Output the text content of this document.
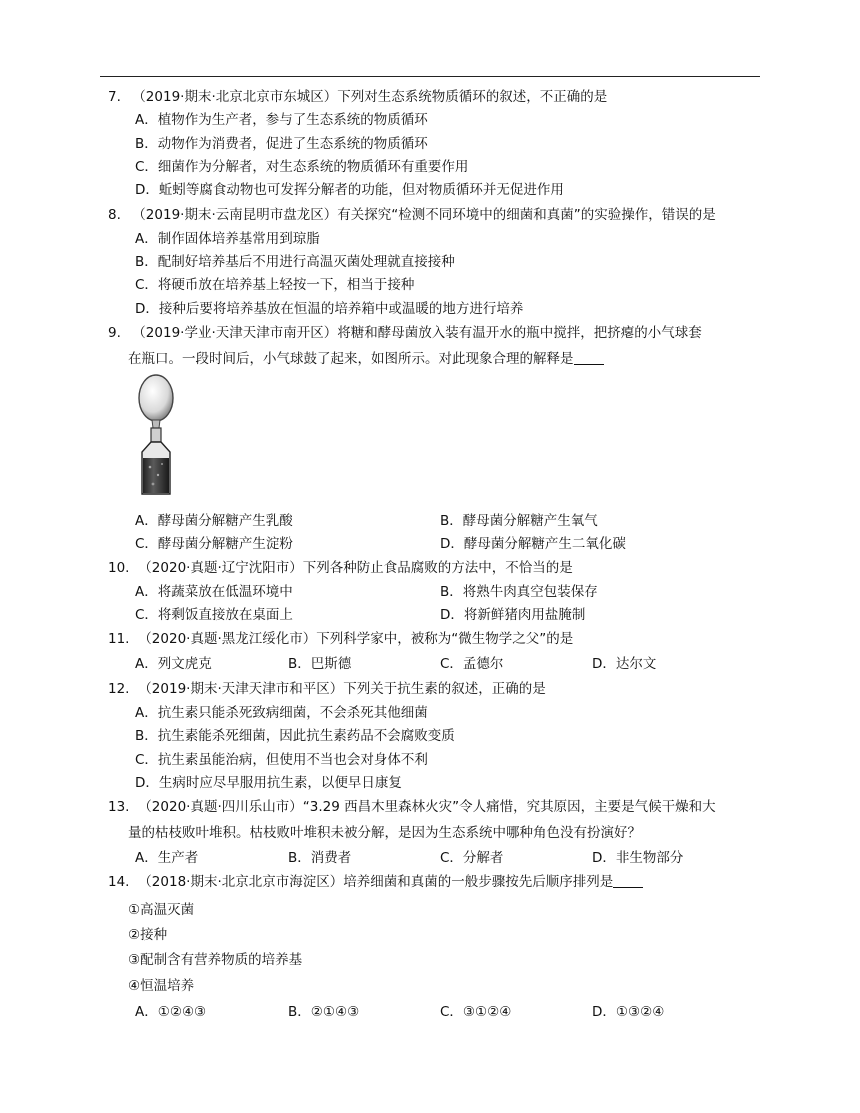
7. （2019·期末·北京北京市东城区）下列对生态系统物质循环的叙述，不正确的是
A．植物作为生产者，参与了生态系统的物质循环
B．动物作为消费者，促进了生态系统的物质循环
C．细菌作为分解者，对生态系统的物质循环有重要作用
D．蚯蚓等腐食动物也可发挥分解者的功能，但对物质循环并无促进作用
8. （2019·期末·云南昆明市盘龙区）有关探究“检测不同环境中的细菌和真菌”的实验操作，错误的是
A．制作固体培养基常用到琼脂
B．配制好培养基后不用进行高温灭菌处理就直接接种
C．将硬币放在培养基上轻按一下，相当于接种
D．接种后要将培养基放在恒温的培养箱中或温暖的地方进行培养
9. （2019·学业·天津天津市南开区）将糖和酵母菌放入装有温开水的瓶中搅拌，把挤瘪的小气球套
在瓶口。一段时间后，小气球鼓了起来，如图所示。对此现象合理的解释是
A．酵母菌分解糖产生乳酸	B．酵母菌分解糖产生氧气
C．酵母菌分解糖产生淀粉	D．酵母菌分解糖产生二氧化碳
10. （2020·真题·辽宁沈阳市）下列各种防止食品腐败的方法中，不恰当的是
A．将蔬菜放在低温环境中	B．将熟牛肉真空包装保存
C．将剩饭直接放在桌面上	D．将新鲜猪肉用盐腌制
11. （2020·真题·黑龙江绥化市）下列科学家中，被称为“微生物学之父”的是
A．列文虎克	B．巴斯德	C．孟德尔	D．达尔文
12. （2019·期末·天津天津市和平区）下列关于抗生素的叙述，正确的是
A．抗生素只能杀死致病细菌，不会杀死其他细菌
B．抗生素能杀死细菌，因此抗生素药品不会腐败变质
C．抗生素虽能治病，但使用不当也会对身体不利
D．生病时应尽早服用抗生素，以便早日康复
13. （2020·真题·四川乐山市）“3.29 西昌木里森林火灾”令人痛惜，究其原因，主要是气候干燥和大
量的枯枝败叶堆积。枯枝败叶堆积未被分解，是因为生态系统中哪种角色没有扮演好？
A．生产者	B．消费者	C．分解者	D．非生物部分
14. （2018·期末·北京北京市海淀区）培养细菌和真菌的一般步骤按先后顺序排列是
①高温灭菌
②接种
③配制含有营养物质的培养基
④恒温培养
A．①②④③	B．②①④③	C．③①②④	D．①③②④
